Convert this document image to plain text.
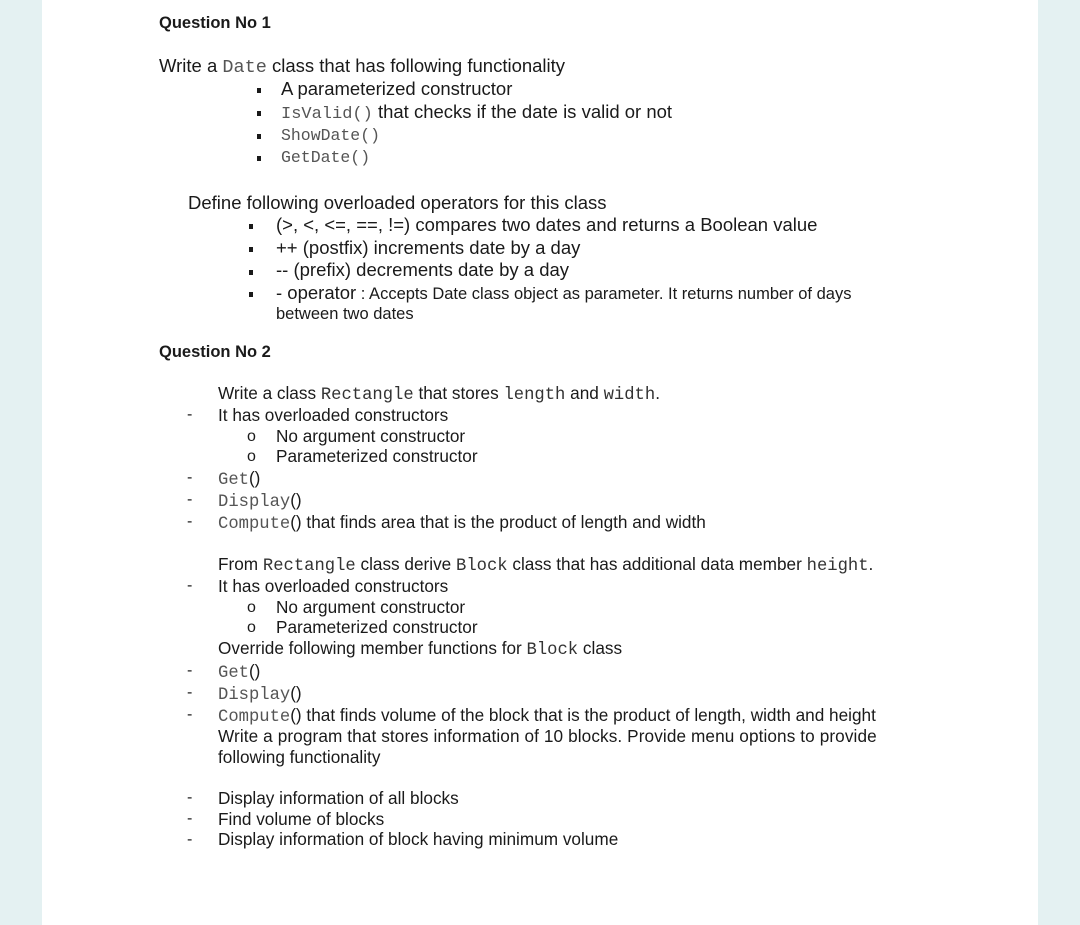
Question No 1
Write a Date class that has following functionality
A parameterized constructor
IsValid() that checks if the date is valid or not
ShowDate()
GetDate()
Define following overloaded operators for this class
(>, <, <=, ==, !=) compares two dates and returns a Boolean value
++ (postfix) increments date by a day
-- (prefix) decrements date by a day
- operator : Accepts Date class object as parameter. It returns number of days
between two dates
Question No 2
Write a class Rectangle that stores length and width.
- It has overloaded constructors
o No argument constructor
o Parameterized constructor
- Get()
- Display()
- Compute() that finds area that is the product of length and width
From Rectangle class derive Block class that has additional data member height.
- It has overloaded constructors
o No argument constructor
o Parameterized constructor
Override following member functions for Block class
- Get()
- Display()
- Compute() that finds volume of the block that is the product of length, width and height
Write a program that stores information of 10 blocks. Provide menu options to provide
following functionality
- Display information of all blocks
- Find volume of blocks
- Display information of block having minimum volume
